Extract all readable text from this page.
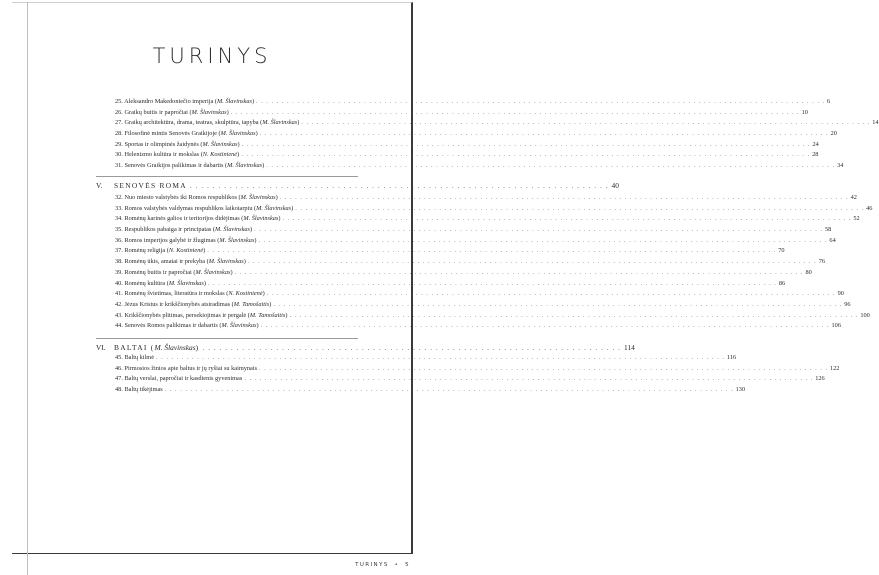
TURINYS
25. Aleksandro Makedoniečio imperija (M. Šlavinskas) . . .	6
26. Graikų buitis ir papročiai (M. Šlavinskas) . . .	10
27. Graikų architektūra, drama, teatras, skulptūra, tapyba (M. Šlavinskas) . . .	14
28. Filosofinė mintis Senovės Graikijoje (M. Šlavinskas) . . .	20
29. Sportas ir olimpinės žaidynės (M. Šlavinskas) . . .	24
30. Helenizmo kultūra ir mokslas (N. Kostinienė) . . .	28
31. Senovės Graikijos palikimas ir dabartis (M. Šlavinskas) . . .	34
V.	SENOVĖS ROMA . . .	40
32. Nuo miesto valstybės iki Romos respublikos (M. Šlavinskas) . . .	42
33. Romos valstybės valdymas respublikos laikotarpiu (M. Šlavinskas) . . .	46
34. Romėnų karinės galios ir teritorijos didėjimas (M. Šlavinskas) . . .	52
35. Respublikos pabaiga ir principatas (M. Šlavinskas) . . .	58
36. Romos imperijos galybė ir žlugimas (M. Šlavinskas) . . .	64
37. Romėnų religija (N. Kostinienė) . . .	70
38. Romėnų ūkis, amatai ir prekyba (M. Šlavinskas) . . .	76
39. Romėnų buitis ir papročiai (M. Šlavinskas) . . .	80
40. Romėnų kultūra (M. Šlavinskas) . . .	86
41. Romėnų švietimas, literatūra ir mokslas (N. Kostinienė) . . .	90
42. Jėzus Kristus ir krikščionybės atsiradimas (M. Tamošaitis) . . .	96
43. Krikščionybės plitimas, persekiojimas ir pergalė (M. Tamošaitis) . . .	100
44. Senovės Romos palikimas ir dabartis (M. Šlavinskas) . . .	106
VI.	BALTAI (M. Šlavinskas) . . .	114
45. Baltų kilmė . . .	116
46. Pirmosios žinios apie baltus ir jų ryšiai su kaimynais . . .	122
47. Baltų verslai, papročiai ir kasdienis gyvenimas . . .	126
48. Baltų tikėjimas . . .	130
TURINYS • 5
